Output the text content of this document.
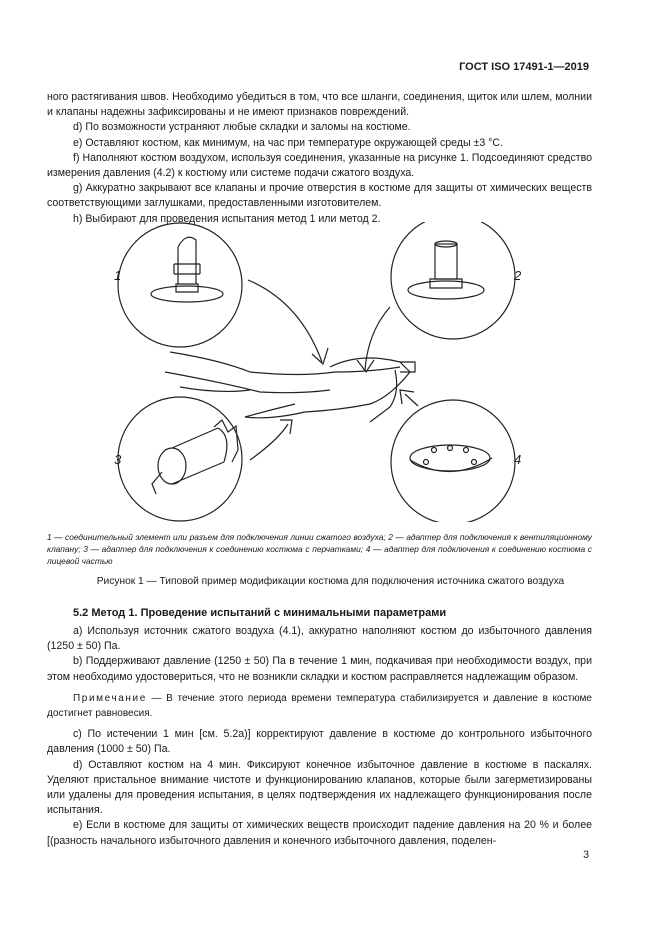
ГОСТ ISO 17491-1—2019

ного растягивания швов. Необходимо убедиться в том, что все шланги, соединения, щиток или шлем, молнии и клапаны надежны зафиксированы и не имеют признаков повреждений.

d) По возможности устраняют любые складки и заломы на костюме.

e) Оставляют костюм, как минимум, на час при температуре окружающей среды ±3 °C.

f) Наполняют костюм воздухом, используя соединения, указанные на рисунке 1. Подсоединяют средство измерения давления (4.2) к костюму или системе подачи сжатого воздуха.

g) Аккуратно закрывают все клапаны и прочие отверстия в костюме для защиты от химических веществ соответствующими заглушками, предоставленными изготовителем.

h) Выбирают для проведения испытания метод 1 или метод 2.

1	2
3	4
1 — соединительный элемент или разъем для подключения линии сжатого воздуха; 2 — адаптер для подключения к вентиляционному клапану; 3 — адаптер для подключения к соединению костюма с перчатками; 4 — адаптер для подключения к соединению костюма с лицевой частью
Рисунок 1 — Типовой пример модификации костюма для подключения источника сжатого воздуха
5.2 Метод 1. Проведение испытаний с минимальными параметрами

a) Используя источник сжатого воздуха (4.1), аккуратно наполняют костюм до избыточного давления (1250 ± 50) Па.

b) Поддерживают давление (1250 ± 50) Па в течение 1 мин, подкачивая при необходимости воздух, при этом необходимо удостовериться, что не возникли складки и костюм расправляется надлежащим образом.

Примечание — В течение этого периода времени температура стабилизируется и давление в костюме достигнет равновесия.

c) По истечении 1 мин [см. 5.2a)] корректируют давление в костюме до контрольного избыточного давления (1000 ± 50) Па.

d) Оставляют костюм на 4 мин. Фиксируют конечное избыточное давление в костюме в паскалях. Уделяют пристальное внимание чистоте и функционированию клапанов, которые были загерметизированы или удалены для проведения испытания, в целях подтверждения их надлежащего функционирования после испытания.

e) Если в костюме для защиты от химических веществ происходит падение давления на 20 % и более [(разность начального избыточного давления и конечного избыточного давления, поделен-

3
